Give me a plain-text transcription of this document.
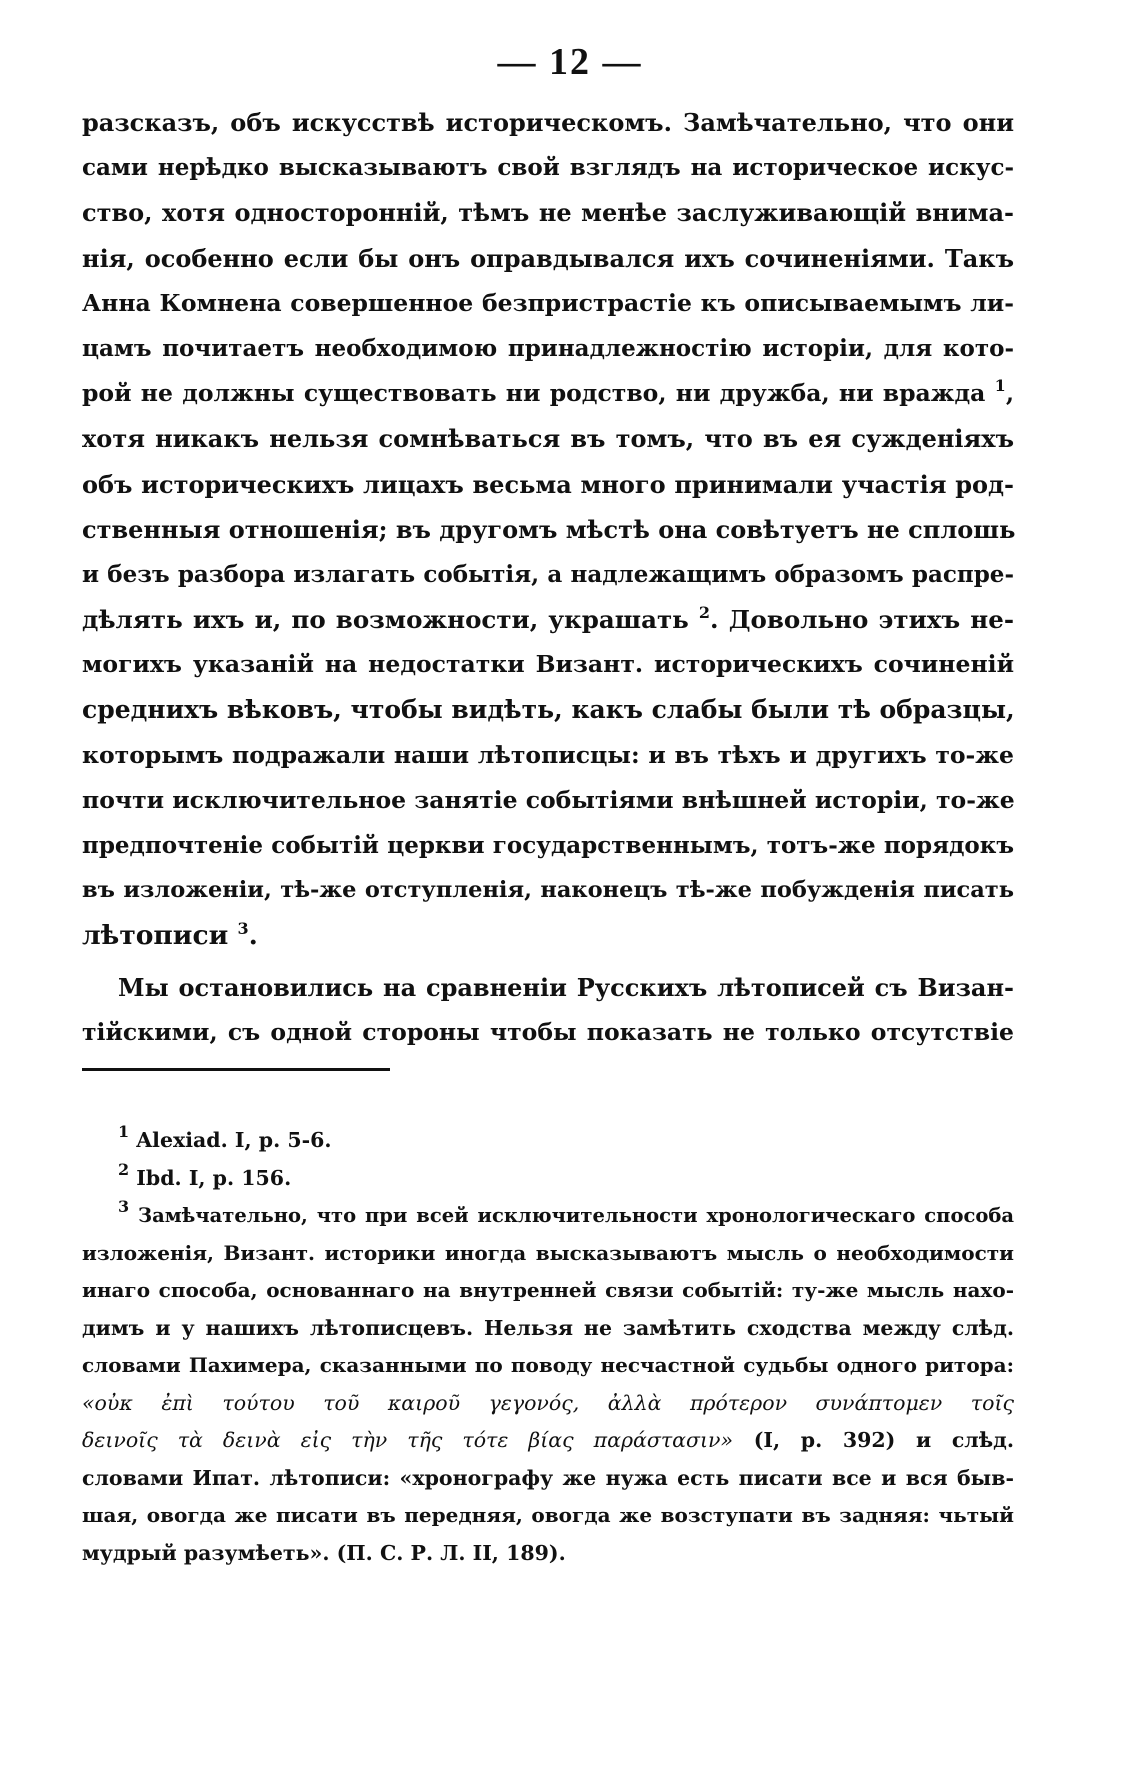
— 12 —
разсказъ, объ искусствѣ историческомъ. Замѣчательно, что они
сами нерѣдко высказываютъ свой взглядъ на историческое искус-
ство, хотя односторонній, тѣмъ не менѣе заслуживающій внима-
нія, особенно если бы онъ оправдывался ихъ сочиненіями. Такъ
Анна Комнена совершенное безпристрастіе къ описываемымъ ли-
цамъ почитаетъ необходимою принадлежностію исторіи, для кото-
рой не должны существовать ни родство, ни дружба, ни вражда $^1$,
хотя никакъ нельзя сомнѣваться въ томъ, что въ ея сужденіяхъ
объ историческихъ лицахъ весьма много принимали участія род-
ственныя отношенія; въ другомъ мѣстѣ она совѣтуетъ не сплошь
и безъ разбора излагать событія, а надлежащимъ образомъ распре-
дѣлять ихъ и, по возможности, украшать $^2$. Довольно этихъ не-
могихъ указаній на недостатки Визант. историческихъ сочиненій
среднихъ вѣковъ, чтобы видѣть, какъ слабы были тѣ образцы,
которымъ подражали наши лѣтописцы: и въ тѣхъ и другихъ то-же
почти исключительное занятіе событіями внѣшней исторіи, то-же
предпочтеніе событій церкви государственнымъ, тотъ-же порядокъ
въ изложеніи, тѣ-же отступленія, наконецъ тѣ-же побужденія писать
лѣтописи $^3$.
Мы остановились на сравненіи Русскихъ лѣтописей съ Визан-
тійскими, съ одной стороны чтобы показать не только отсутствіе
$^1$ Alexiad. I, p. 5-6.
$^2$ Ibd. I, p. 156.
$^3$ Замѣчательно, что при всей исключительности хронологическаго способа
изложенія, Визант. историки иногда высказываютъ мысль о необходимости
инаго способа, основаннаго на внутренней связи событій: ту-же мысль нахо-
димъ и у нашихъ лѣтописцевъ. Нельзя не замѣтить сходства между слѣд.
словами Пахимера, сказанными по поводу несчастной судьбы одного ритора:
«οὐκ ἐπὶ τούτου τοῦ καιροῦ γεγονός, ἀλλὰ πρότερον συνάπτομεν τοῖς
δεινοῖς τὰ δεινὰ εἰς τὴν τῆς τότε βίας παράστασιν» (I, p. 392) и слѣд.
словами Ипат. лѣтописи: «хронографу же нужа есть писати все и вся быв-
шая, овогда же писати въ передняя, овогда же возступати въ задняя: чьтый
мудрый разумѣеть». (П. С. Р. Л. II, 189).
